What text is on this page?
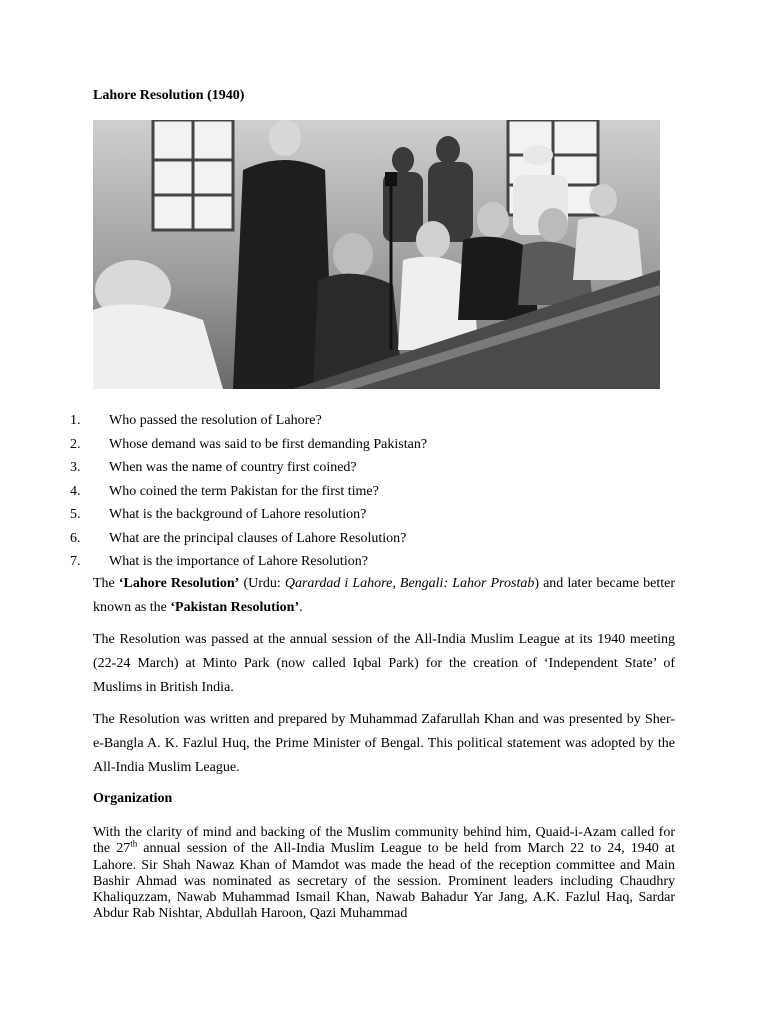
Lahore Resolution (1940)
1.	Who passed the resolution of Lahore?
2.	Whose demand was said to be first demanding Pakistan?
3.	When was the name of country first coined?
4.	Who coined the term Pakistan for the first time?
5.	What is the background of Lahore resolution?
6.	What are the principal clauses of Lahore Resolution?
7.	What is the importance of Lahore Resolution?

The ‘Lahore Resolution’ (Urdu: Qarardad i Lahore, Bengali: Lahor Prostab) and later became better known as the ‘Pakistan Resolution’.

The Resolution was passed at the annual session of the All-India Muslim League at its 1940 meeting (22-24 March) at Minto Park (now called Iqbal Park) for the creation of ‘Independent State’ of Muslims in British India.

The Resolution was written and prepared by Muhammad Zafarullah Khan and was presented by Sher-e-Bangla A. K. Fazlul Huq, the Prime Minister of Bengal. This political statement was adopted by the All-India Muslim League.

Organization

With the clarity of mind and backing of the Muslim community behind him, Quaid-i-Azam called for the 27th annual session of the All-India Muslim League to be held from March 22 to 24, 1940 at Lahore. Sir Shah Nawaz Khan of Mamdot was made the head of the reception committee and Main Bashir Ahmad was nominated as secretary of the session. Prominent leaders including Chaudhry Khaliquzzam, Nawab Muhammad Ismail Khan, Nawab Bahadur Yar Jang, A.K. Fazlul Haq, Sardar Abdur Rab Nishtar, Abdullah Haroon, Qazi Muhammad
